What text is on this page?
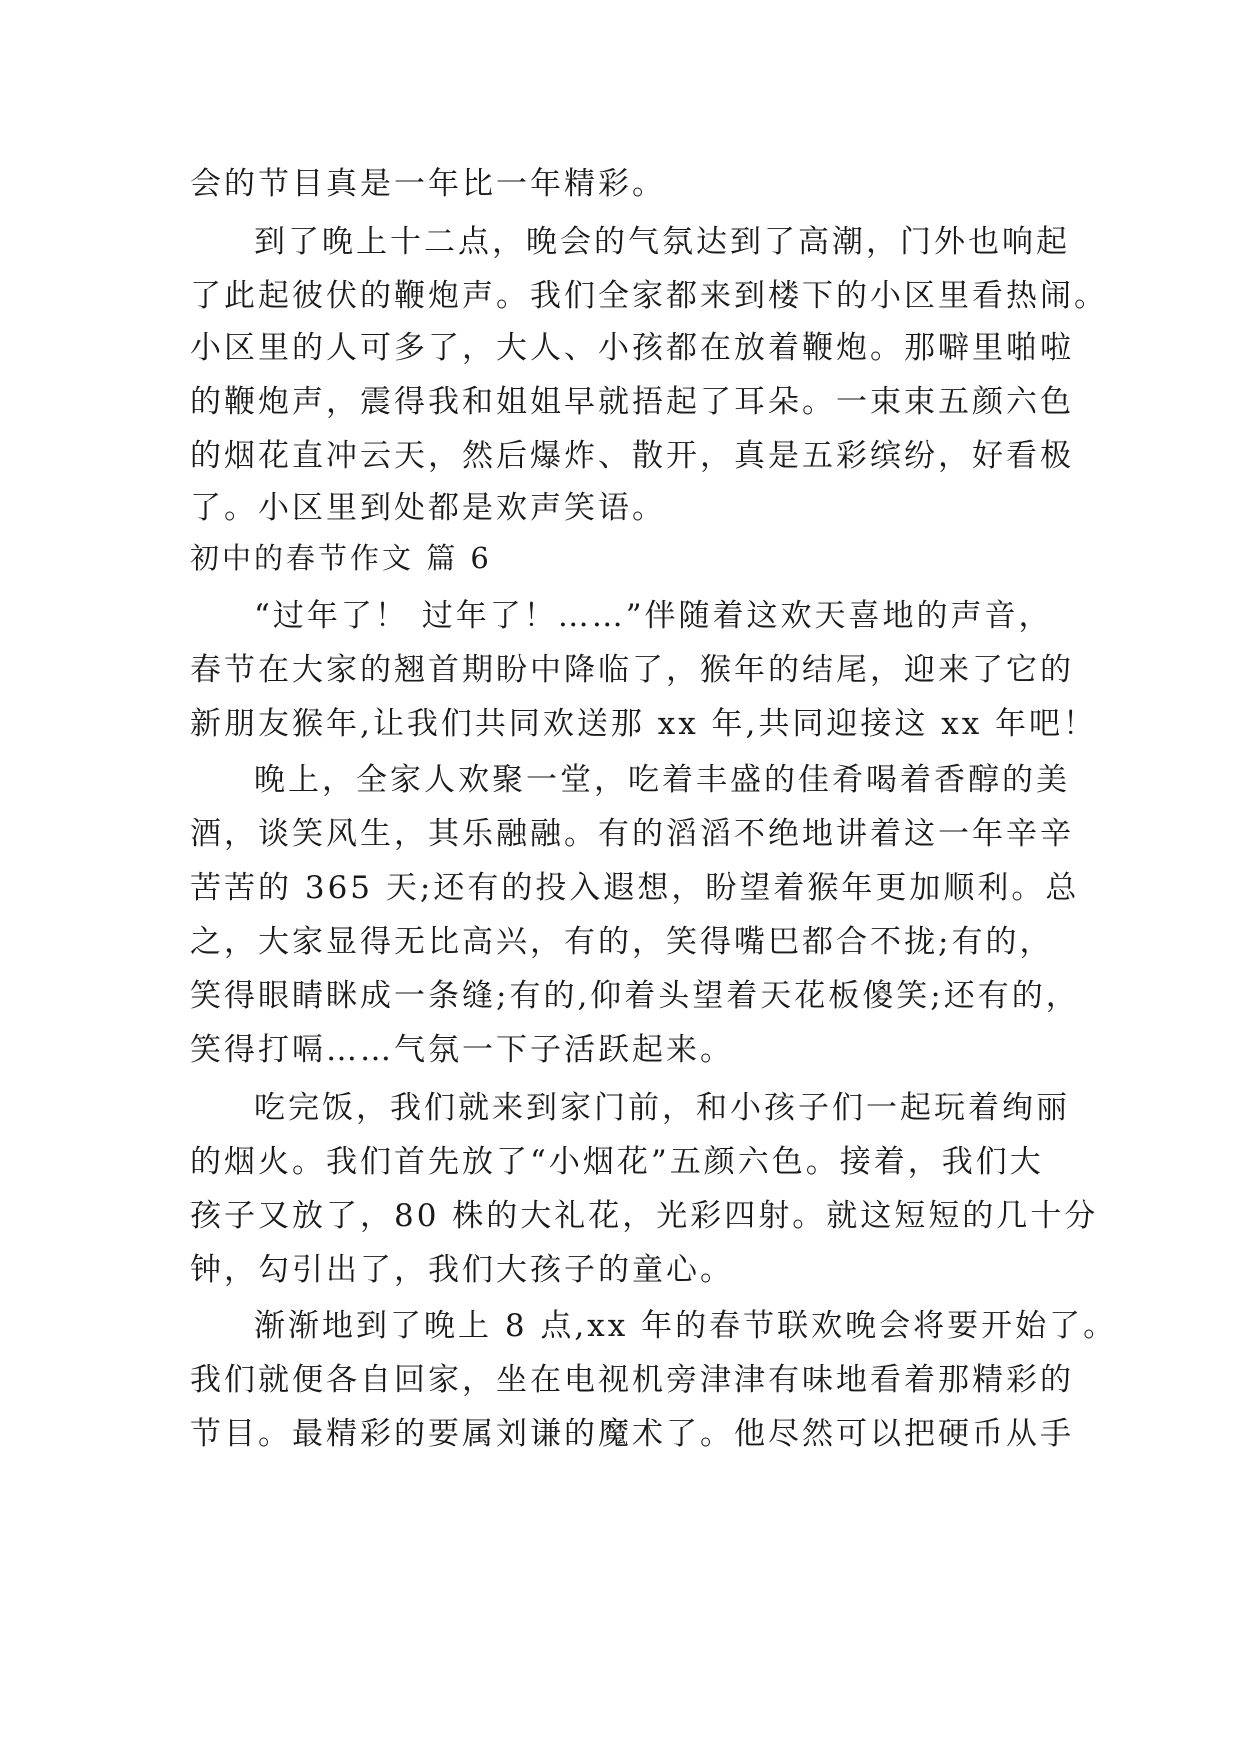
会的节目真是一年比一年精彩。
到了晚上十二点，晚会的气氛达到了高潮，门外也响起
了此起彼伏的鞭炮声。我们全家都来到楼下的小区里看热闹。
小区里的人可多了，大人、小孩都在放着鞭炮。那噼里啪啦
的鞭炮声，震得我和姐姐早就捂起了耳朵。一束束五颜六色
的烟花直冲云天，然后爆炸、散开，真是五彩缤纷，好看极
了。小区里到处都是欢声笑语。
初中的春节作文 篇 6
“过年了！ 过年了！……”伴随着这欢天喜地的声音，
春节在大家的翘首期盼中降临了，猴年的结尾，迎来了它的
新朋友猴年,让我们共同欢送那 xx 年,共同迎接这 xx 年吧！
晚上，全家人欢聚一堂，吃着丰盛的佳肴喝着香醇的美
酒，谈笑风生，其乐融融。有的滔滔不绝地讲着这一年辛辛
苦苦的 365 天;还有的投入遐想，盼望着猴年更加顺利。总
之，大家显得无比高兴，有的，笑得嘴巴都合不拢;有的，
笑得眼睛眯成一条缝;有的,仰着头望着天花板傻笑;还有的，
笑得打嗝……气氛一下子活跃起来。
吃完饭，我们就来到家门前，和小孩子们一起玩着绚丽
的烟火。我们首先放了“小烟花”五颜六色。接着，我们大
孩子又放了，80 株的大礼花，光彩四射。就这短短的几十分
钟，勾引出了，我们大孩子的童心。
渐渐地到了晚上 8 点,xx 年的春节联欢晚会将要开始了。
我们就便各自回家，坐在电视机旁津津有味地看着那精彩的
节目。最精彩的要属刘谦的魔术了。他尽然可以把硬币从手
